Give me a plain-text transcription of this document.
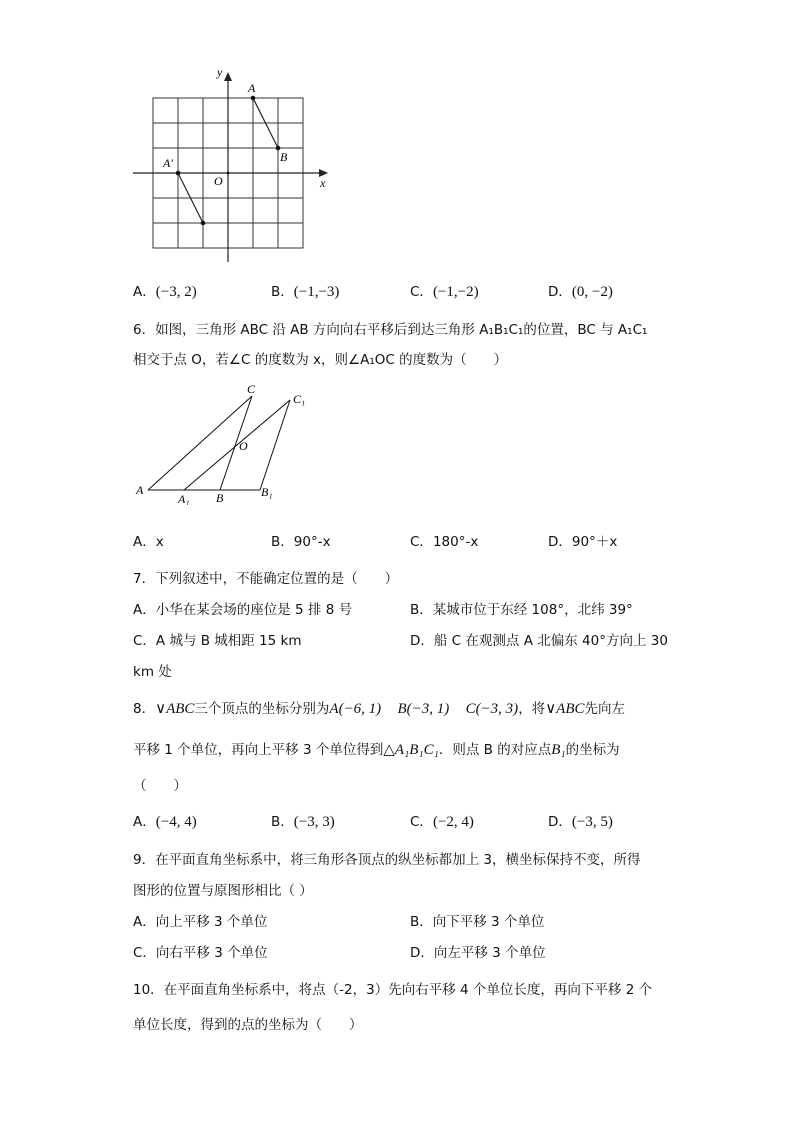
y
x
A
B
A′
O
A．(−3, 2)	B．(−1,−3)	C．(−1,−2)	D．(0, −2)
6．如图，三角形 ABC 沿 AB 方向向右平移后到达三角形 A₁B₁C₁的位置，BC 与 A₁C₁
相交于点 O，若∠C 的度数为 x，则∠A₁OC 的度数为（　　）
C
C₁
O
A
A₁ B	B₁
A．x	B．90°-x	C．180°-x	D．90°＋x
7．下列叙述中，不能确定位置的是（　　）
A．小华在某会场的座位是 5 排 8 号	B．某城市位于东经 108°，北纬 39°
C．A 城与 B 城相距 15 km	D．船 C 在观测点 A 北偏东 40°方向上 30
km 处
8．∨ABC三个顶点的坐标分别为A(−6, 1) B(−3, 1) C(−3, 3)，将∨ABC先向左
平移 1 个单位，再向上平移 3 个单位得到△A₁B₁C₁．则点 B 的对应点B₁的坐标为
（　　）
A．(−4, 4)	B．(−3, 3)	C．(−2, 4)	D．(−3, 5)
9．在平面直角坐标系中，将三角形各顶点的纵坐标都加上 3，横坐标保持不变，所得
图形的位置与原图形相比（ ）
A．向上平移 3 个单位	B．向下平移 3 个单位
C．向右平移 3 个单位	D．向左平移 3 个单位
10．在平面直角坐标系中，将点（-2，3）先向右平移 4 个单位长度，再向下平移 2 个
单位长度，得到的点的坐标为（　　）
